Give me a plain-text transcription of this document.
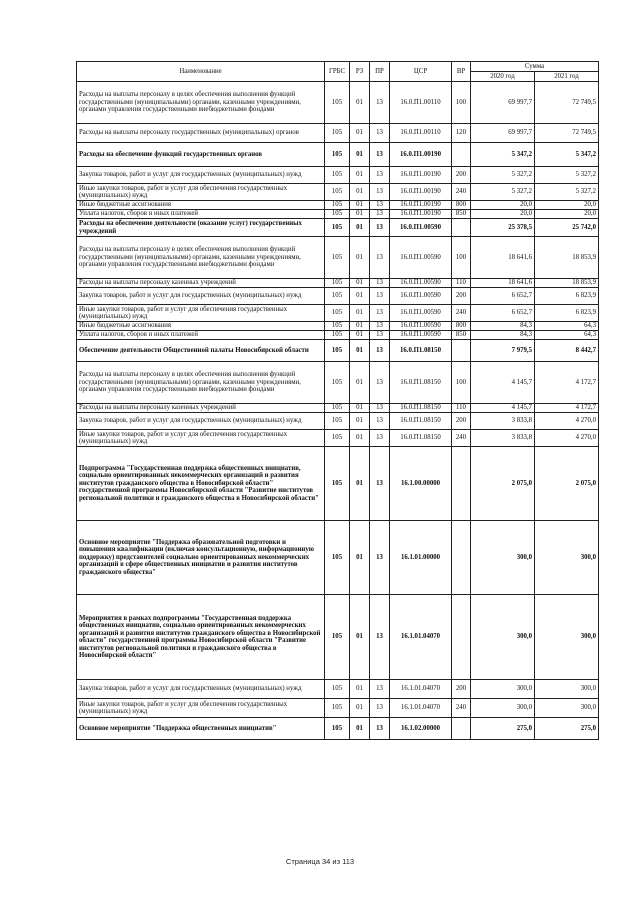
Наименование	ГРБС	РЗ	ПР	ЦСР	ВР	Сумма	
						2020 год	2021 год
Расходы на выплаты персоналу в целях обеспечения выполнения функций государственными (муниципальными) органами, казенными учреждениями, органами управления государственными внебюджетными фондами	105	01	13	16.0.П1.00110	100	69 997,7	72 749,5
Расходы на выплаты персоналу государственных (муниципальных) органов	105	01	13	16.0.П1.00110	120	69 997,7	72 749,5
Расходы на обеспечение функций государственных органов	105	01	13	16.0.П1.00190		5 347,2	5 347,2
Закупка товаров, работ и услуг для государственных (муниципальных) нужд	105	01	13	16.0.П1.00190	200	5 327,2	5 327,2
Иные закупки товаров, работ и услуг для обеспечения государственных (муниципальных) нужд	105	01	13	16.0.П1.00190	240	5 327,2	5 327,2
Иные бюджетные ассигнования	105	01	13	16.0.П1.00190	800	20,0	20,0
Уплата налогов, сборов и иных платежей	105	01	13	16.0.П1.00190	850	20,0	20,0
Расходы на обеспечение деятельности (оказание услуг) государственных учреждений	105	01	13	16.0.П1.00590		25 378,5	25 742,0
Расходы на выплаты персоналу в целях обеспечения выполнения функций государственными (муниципальными) органами, казенными учреждениями, органами управления государственными внебюджетными фондами	105	01	13	16.0.П1.00590	100	18 641,6	18 853,9
Расходы на выплаты персоналу казенных учреждений	105	01	13	16.0.П1.00590	110	18 641,6	18 853,9
Закупка товаров, работ и услуг для государственных (муниципальных) нужд	105	01	13	16.0.П1.00590	200	6 652,7	6 823,9
Иные закупки товаров, работ и услуг для обеспечения государственных (муниципальных) нужд	105	01	13	16.0.П1.00590	240	6 652,7	6 823,9
Иные бюджетные ассигнования	105	01	13	16.0.П1.00590	800	84,3	64,3
Уплата налогов, сборов и иных платежей	105	01	13	16.0.П1.00590	850	84,3	64,3
Обеспечение деятельности Общественной палаты Новосибирской области	105	01	13	16.0.П1.08150		7 979,5	8 442,7
Расходы на выплаты персоналу в целях обеспечения выполнения функций государственными (муниципальными) органами, казенными учреждениями, органами управления государственными внебюджетными фондами	105	01	13	16.0.П1.08150	100	4 145,7	4 172,7
Расходы на выплаты персоналу казенных учреждений	105	01	13	16.0.П1.08150	110	4 145,7	4 172,7
Закупка товаров, работ и услуг для государственных (муниципальных) нужд	105	01	13	16.0.П1.08150	200	3 833,8	4 270,0
Иные закупки товаров, работ и услуг для обеспечения государственных (муниципальных) нужд	105	01	13	16.0.П1.08150	240	3 833,8	4 270,0
Подпрограмма "Государственная поддержка общественных инициатив, социально ориентированных некоммерческих организаций и развития институтов гражданского общества в Новосибирской области" государственной программы Новосибирской области "Развитие институтов региональной политики и гражданского общества в Новосибирской области"	105	01	13	16.1.00.00000		2 075,0	2 075,0
Основное мероприятие "Поддержка образовательной подготовки и повышения квалификации (включая консультационную, информационную поддержку) представителей социально ориентированных некоммерческих организаций в сфере общественных инициатив и развития институтов гражданского общества"	105	01	13	16.1.01.00000		300,0	300,0
Мероприятия в рамках подпрограммы "Государственная поддержка общественных инициатив, социально ориентированных некоммерческих организаций и развития институтов гражданского общества в Новосибирской области" государственной программы Новосибирской области "Развитие институтов региональной политики и гражданского общества в Новосибирской области"	105	01	13	16.1.01.04070		300,0	300,0
Закупка товаров, работ и услуг для государственных (муниципальных) нужд	105	01	13	16.1.01.04070	200	300,0	300,0
Иные закупки товаров, работ и услуг для обеспечения государственных (муниципальных) нужд	105	01	13	16.1.01.04070	240	300,0	300,0
Основное мероприятие "Поддержка общественных инициатив"	105	01	13	16.1.02.00000		275,0	275,0
Страница 34 из 113
